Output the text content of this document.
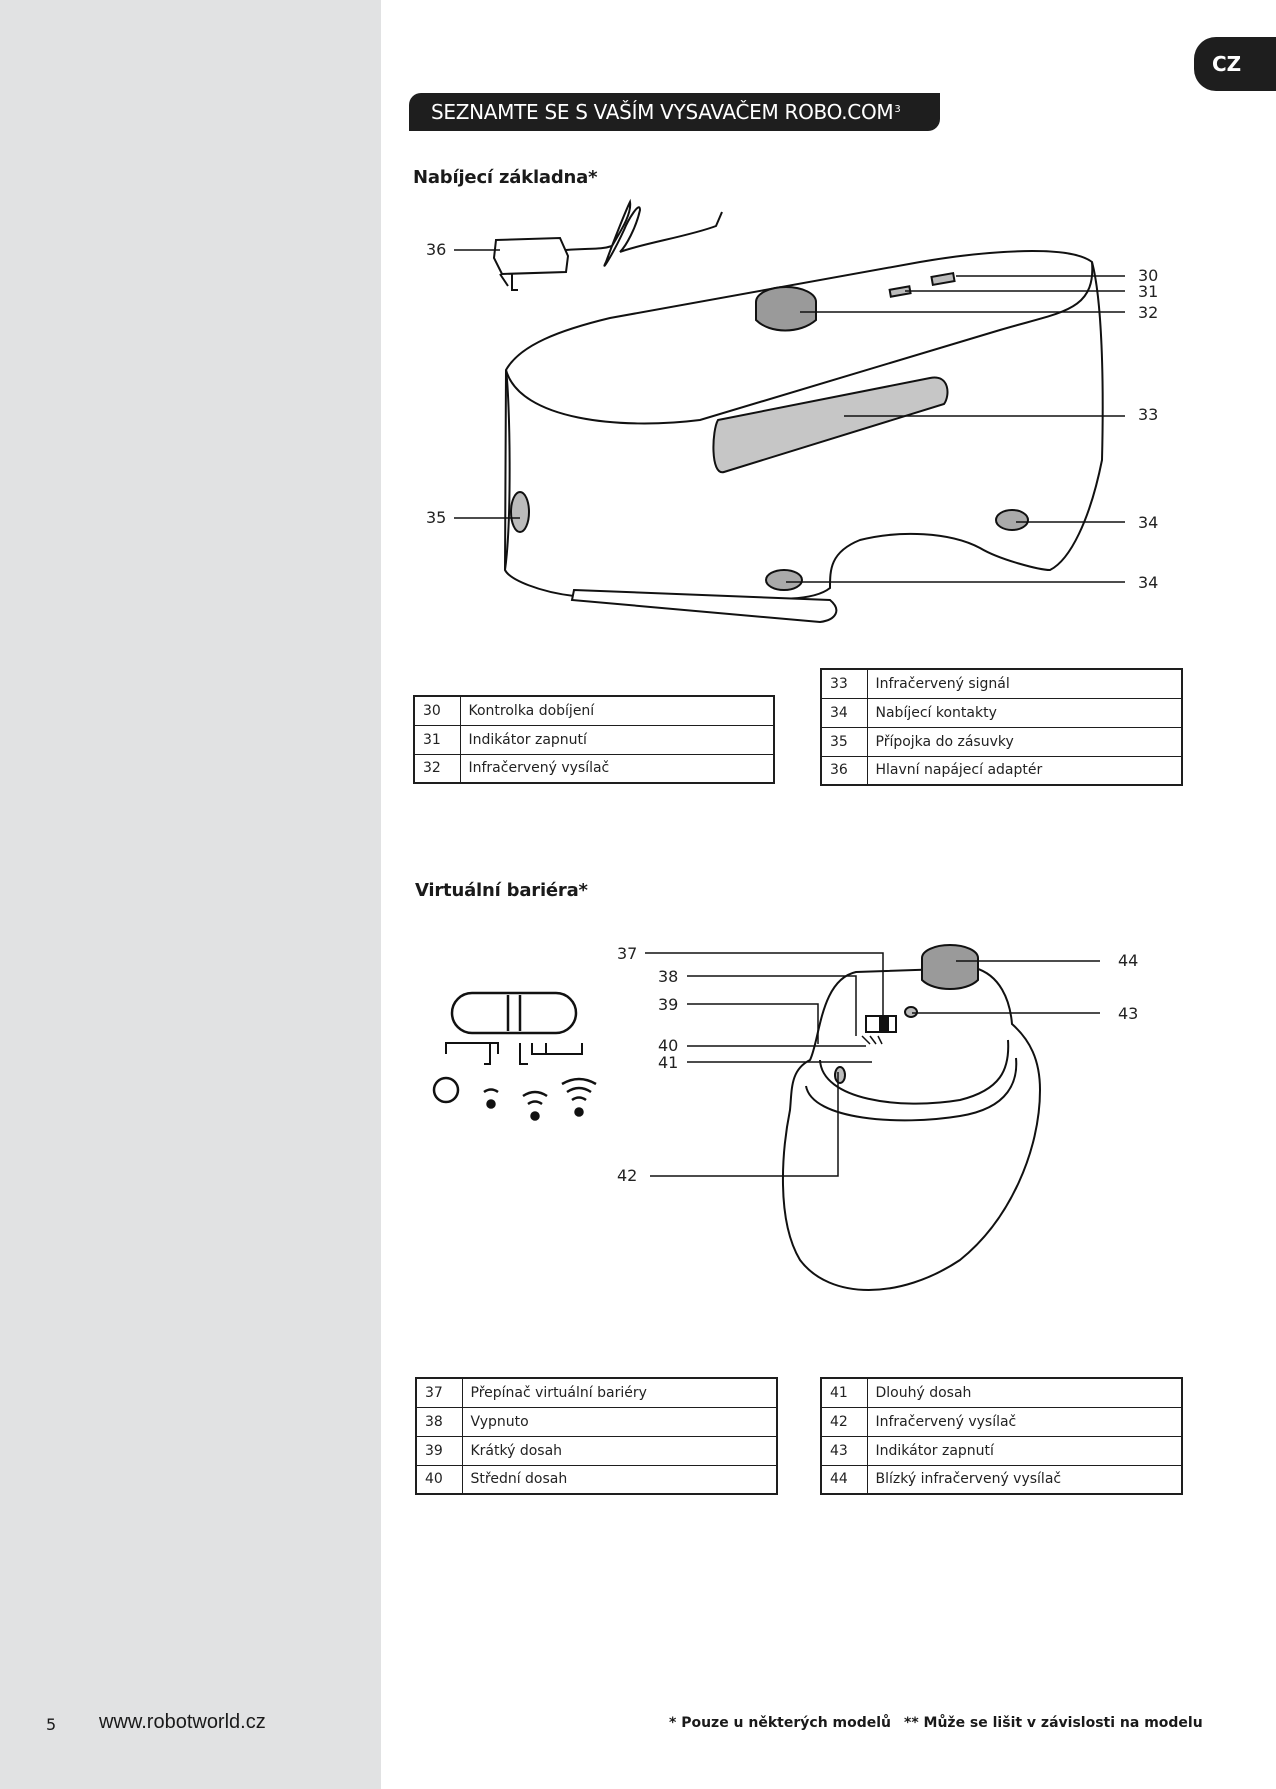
CZ
SEZNAMTE SE S VAŠÍM VYSAVAČEM ROBO.COM$^3$
Nabíjecí základna*
36
30
31
32
33
35	34
34
30	Kontrolka dobíjení
31	Indikátor zapnutí
32	Infračervený vysílač
33	Infračervený signál
34	Nabíjecí kontakty
35	Přípojka do zásuvky
36	Hlavní napájecí adaptér
Virtuální bariéra*
37
38
39
40
41
42
44
43
37	Přepínač virtuální bariéry
38	Vypnuto
39	Krátký dosah
40	Střední dosah
41	Dlouhý dosah
42	Infračervený vysílač
43	Indikátor zapnutí
44	Blízký infračervený vysílač
5 www.robotworld.cz	* Pouze u některých modelů ** Může se lišit v závislosti na modelu
